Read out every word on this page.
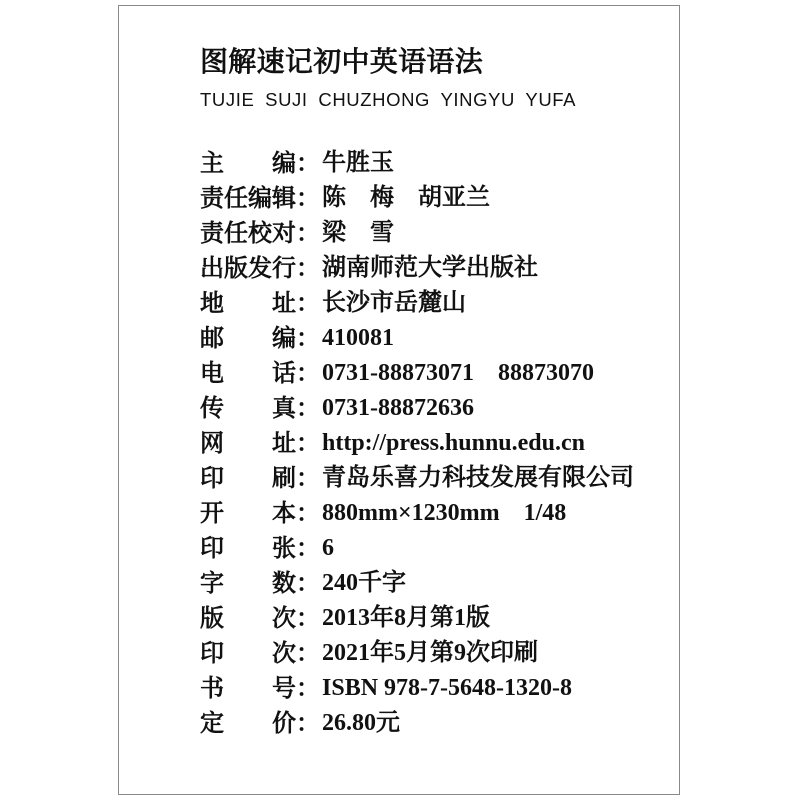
图解速记初中英语语法
TUJIE SUJI CHUZHONG YINGYU YUFA
主编：牛胜玉
责任编辑：陈　梅　胡亚兰
责任校对：梁　雪
出版发行：湖南师范大学出版社
地址：长沙市岳麓山
邮编：410081
电话：0731-88873071　88873070
传真：0731-88872636
网址：http://press.hunnu.edu.cn
印刷：青岛乐喜力科技发展有限公司
开本：880mm×1230mm　1/48
印张：6
字数：240千字
版次：2013年8月第1版
印次：2021年5月第9次印刷
书号：ISBN 978-7-5648-1320-8
定价：26.80元
